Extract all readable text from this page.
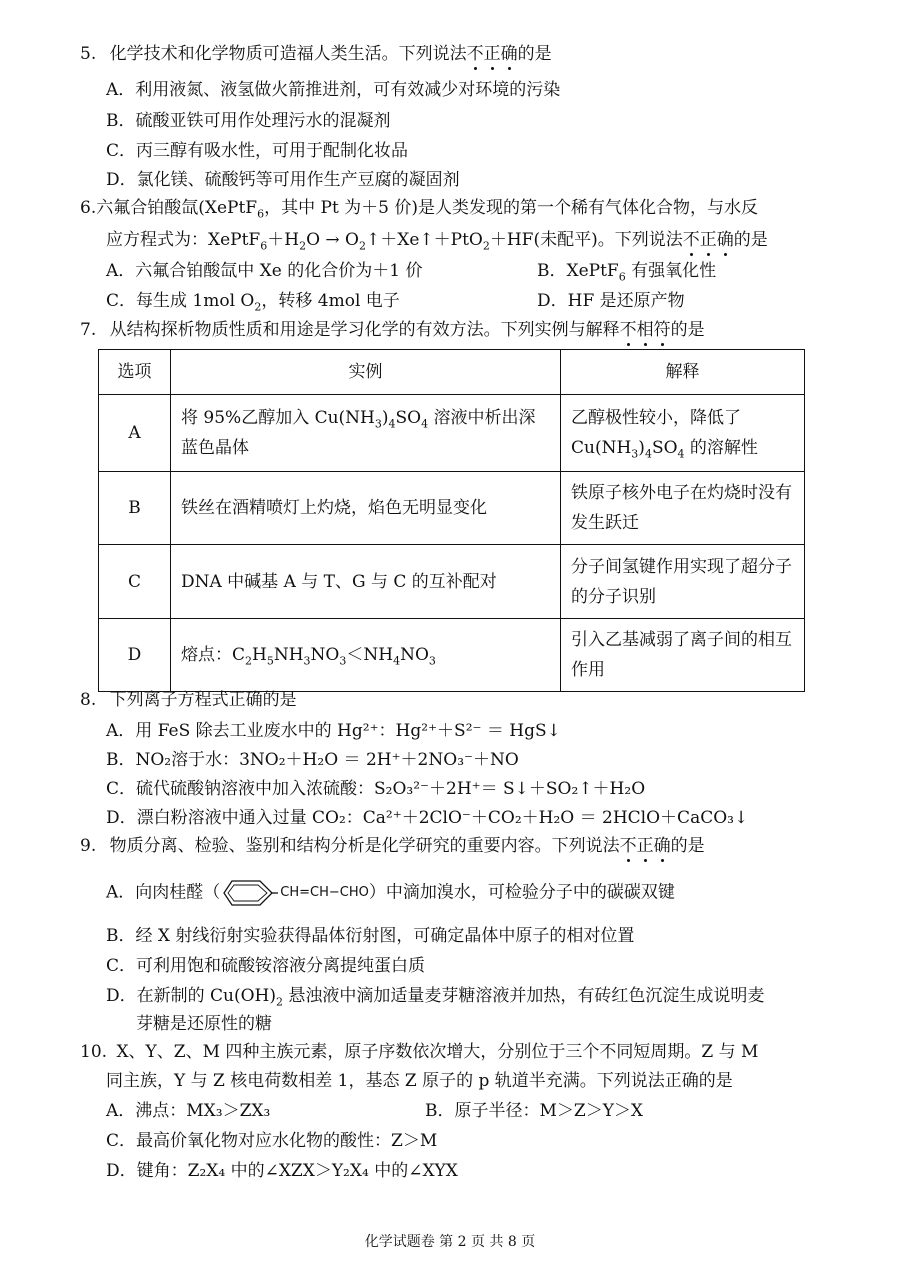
5. 化学技术和化学物质可造福人类生活。下列说法不正确的是
A．利用液氮、液氢做火箭推进剂，可有效减少对环境的污染
B．硫酸亚铁可用作处理污水的混凝剂
C．丙三醇有吸水性，可用于配制化妆品
D．氯化镁、硫酸钙等可用作生产豆腐的凝固剂
6.六氟合铂酸氙(XePtF$_6$，其中 Pt 为＋5 价)是人类发现的第一个稀有气体化合物，与水反
应方程式为：$XePtF_6+H_2O$ → $O_2↑+Xe↑+PtO_2+HF$(未配平)。下列说法不正确的是
A．六氟合铂酸氙中 Xe 的化合价为＋1 价	B．XePtF$_6$ 有强氧化性
C．每生成 1mol $O_2$，转移 4mol 电子	D．HF 是还原产物
7. 从结构探析物质性质和用途是学习化学的有效方法。下列实例与解释不相符的是
选项	实例	解释
A	将 95%乙醇加入 $Cu(NH_3)_4SO_4$ 溶液中析出深蓝色晶体	乙醇极性较小，降低了 $Cu(NH_3)_4SO_4$ 的溶解性
B	铁丝在酒精喷灯上灼烧，焰色无明显变化	铁原子核外电子在灼烧时没有发生跃迁
C	DNA 中碱基 A 与 T、G 与 C 的互补配对	分子间氢键作用实现了超分子的分子识别
D	熔点：$C_2H_5NH_3NO_3<NH_4NO_3$	引入乙基减弱了离子间的相互作用
8. 下列离子方程式正确的是
A．用 FeS 除去工业废水中的 Hg²⁺：Hg²⁺＋S²⁻ ＝ HgS↓
B．NO₂溶于水：3NO₂＋H₂O ＝ 2H⁺＋2NO₃⁻＋NO
C．硫代硫酸钠溶液中加入浓硫酸：S₂O₃²⁻＋2H⁺＝ S↓＋SO₂↑＋H₂O
D．漂白粉溶液中通入过量 CO₂：Ca²⁺＋2ClO⁻＋CO₂＋H₂O ＝ 2HClO＋CaCO₃↓
9. 物质分离、检验、鉴别和结构分析是化学研究的重要内容。下列说法不正确的是
A．向肉桂醛（	CH=CH−CHO ）中滴加溴水，可检验分子中的碳碳双键
B．经 X 射线衍射实验获得晶体衍射图，可确定晶体中原子的相对位置
C．可利用饱和硫酸铵溶液分离提纯蛋白质
D．在新制的 $Cu(OH)_2$ 悬浊液中滴加适量麦芽糖溶液并加热，有砖红色沉淀生成说明麦
芽糖是还原性的糖
10. X、Y、Z、M 四种主族元素，原子序数依次增大，分别位于三个不同短周期。Z 与 M
同主族，Y 与 Z 核电荷数相差 1，基态 Z 原子的 p 轨道半充满。下列说法正确的是
A．沸点：MX₃＞ZX₃	B．原子半径：M＞Z＞Y＞X
C．最高价氧化物对应水化物的酸性：Z＞M
D．键角：Z₂X₄ 中的∠XZX＞Y₂X₄ 中的∠XYX
化学试题卷 第 2 页 共 8 页
